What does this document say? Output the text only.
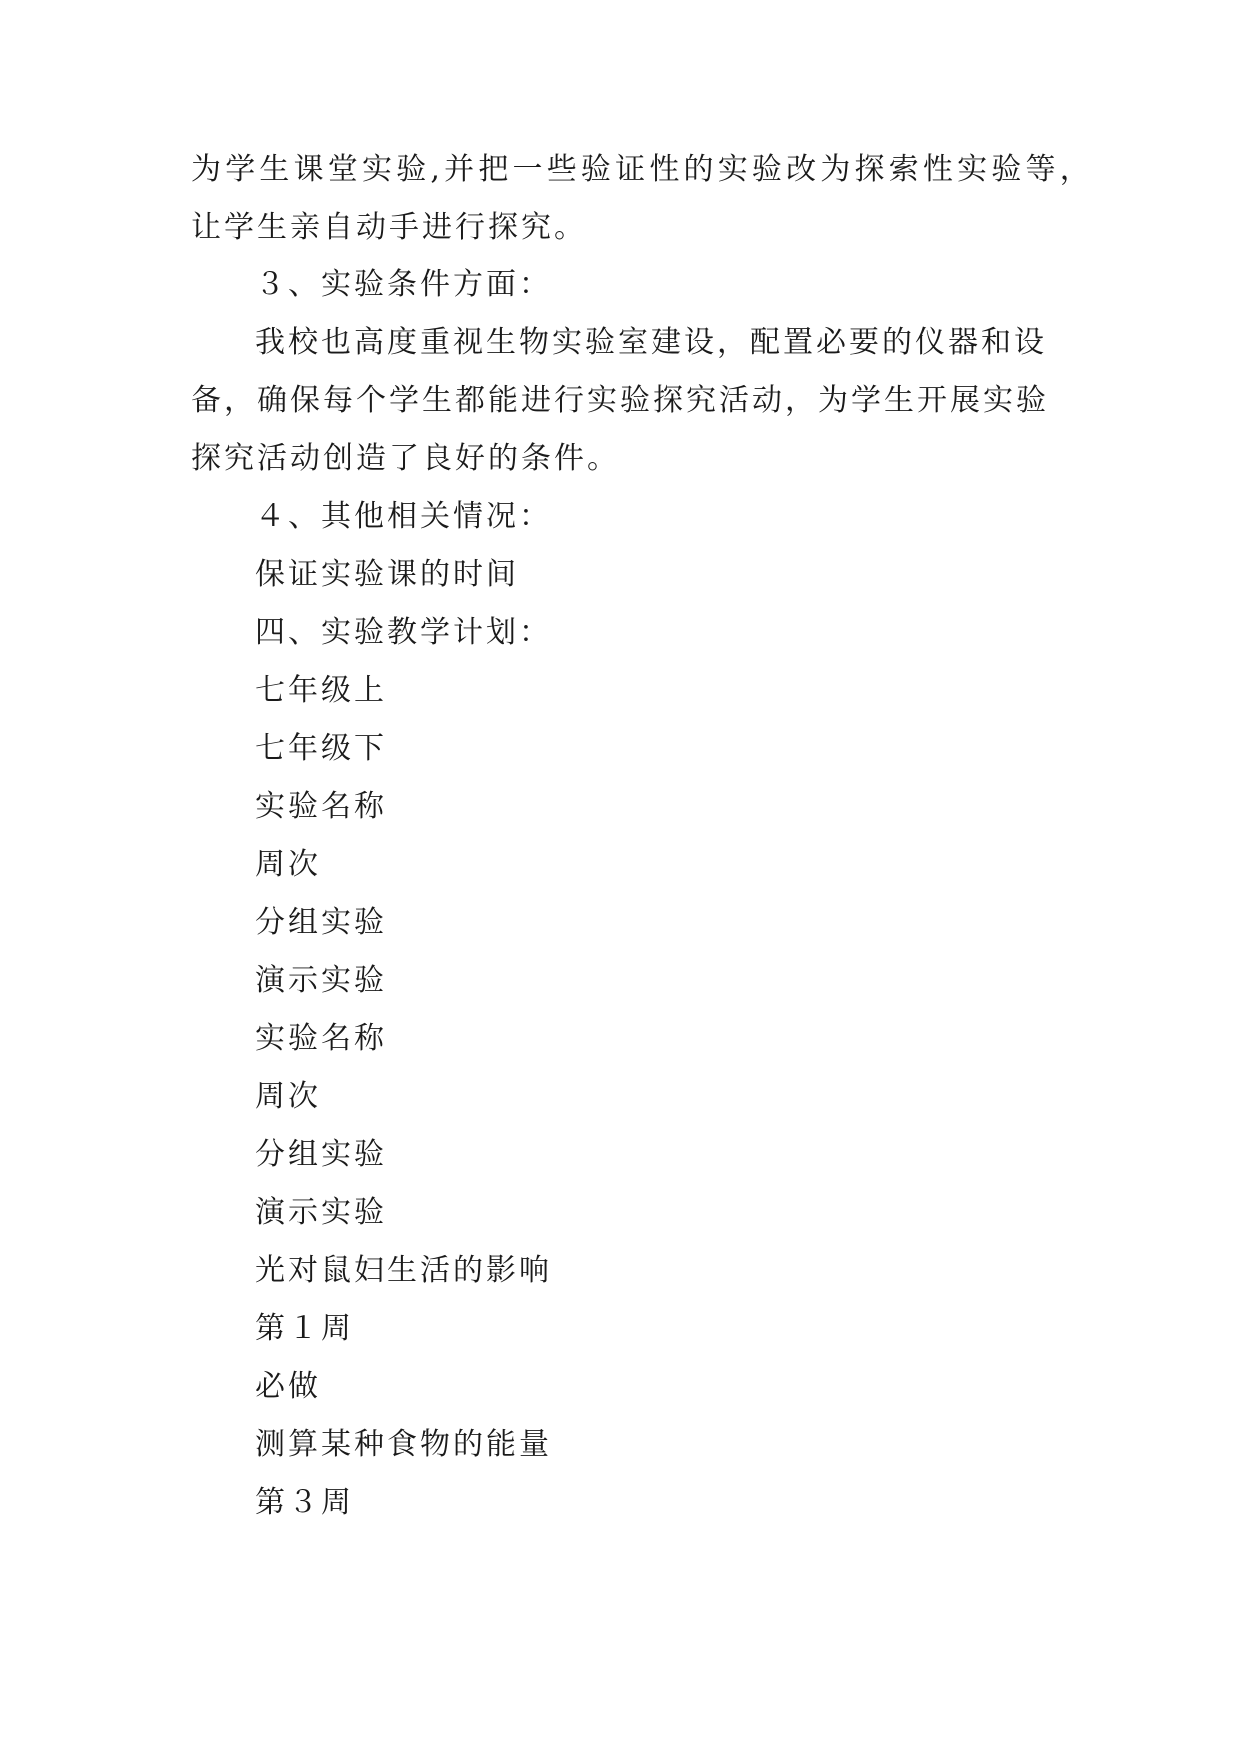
为学生课堂实验,并把一些验证性的实验改为探索性实验等，
让学生亲自动手进行探究。
３、实验条件方面：
我校也高度重视生物实验室建设，配置必要的仪器和设
备，确保每个学生都能进行实验探究活动，为学生开展实验
探究活动创造了良好的条件。
４、其他相关情况：
保证实验课的时间
四、实验教学计划：
七年级上
七年级下
实验名称
周次
分组实验
演示实验
实验名称
周次
分组实验
演示实验
光对鼠妇生活的影响
第１周
必做
测算某种食物的能量
第３周
